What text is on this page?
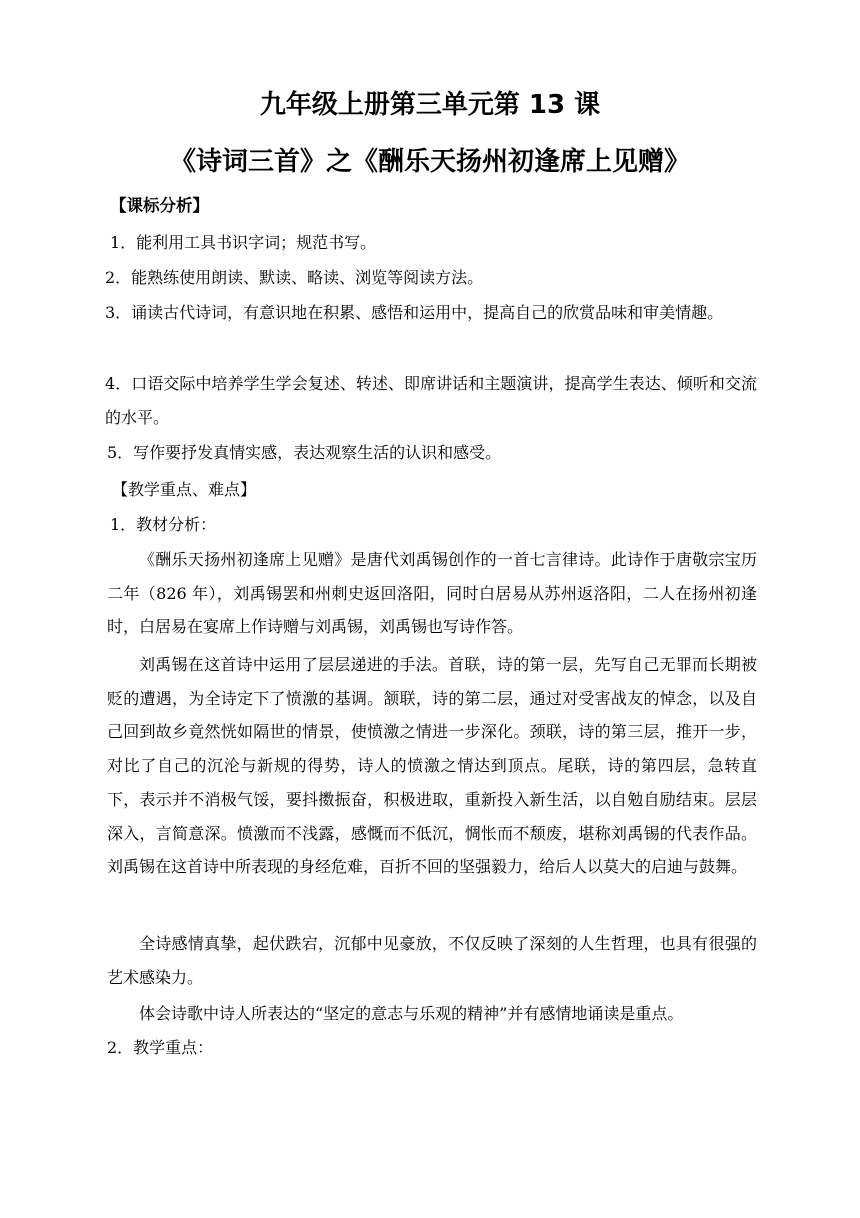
九年级上册第三单元第 13 课
《诗词三首》之《酬乐天扬州初逢席上见赠》
【课标分析】
1．能利用工具书识字词；规范书写。
2．能熟练使用朗读、默读、略读、浏览等阅读方法。
3．诵读古代诗词，有意识地在积累、感悟和运用中，提高自己的欣赏品味和审美情趣。
4．口语交际中培养学生学会复述、转述、即席讲话和主题演讲，提高学生表达、倾听和交流的水平。
5．写作要抒发真情实感，表达观察生活的认识和感受。
【教学重点、难点】
1．教材分析：

《酬乐天扬州初逢席上见赠》是唐代刘禹锡创作的一首七言律诗。此诗作于唐敬宗宝历二年（826 年），刘禹锡罢和州刺史返回洛阳，同时白居易从苏州返洛阳，二人在扬州初逢时，白居易在宴席上作诗赠与刘禹锡，刘禹锡也写诗作答。

刘禹锡在这首诗中运用了层层递进的手法。首联，诗的第一层，先写自己无罪而长期被贬的遭遇，为全诗定下了愤激的基调。颔联，诗的第二层，通过对受害战友的悼念，以及自己回到故乡竟然恍如隔世的情景，使愤激之情进一步深化。颈联，诗的第三层，推开一步，对比了自己的沉沦与新规的得势，诗人的愤激之情达到顶点。尾联，诗的第四层，急转直下，表示并不消极气馁，要抖擞振奋，积极进取，重新投入新生活，以自勉自励结束。层层深入，言简意深。愤激而不浅露，感慨而不低沉，惆怅而不颓废，堪称刘禹锡的代表作品。刘禹锡在这首诗中所表现的身经危难，百折不回的坚强毅力，给后人以莫大的启迪与鼓舞。

全诗感情真挚，起伏跌宕，沉郁中见豪放，不仅反映了深刻的人生哲理，也具有很强的艺术感染力。

体会诗歌中诗人所表达的“坚定的意志与乐观的精神”并有感情地诵读是重点。

2．教学重点：
